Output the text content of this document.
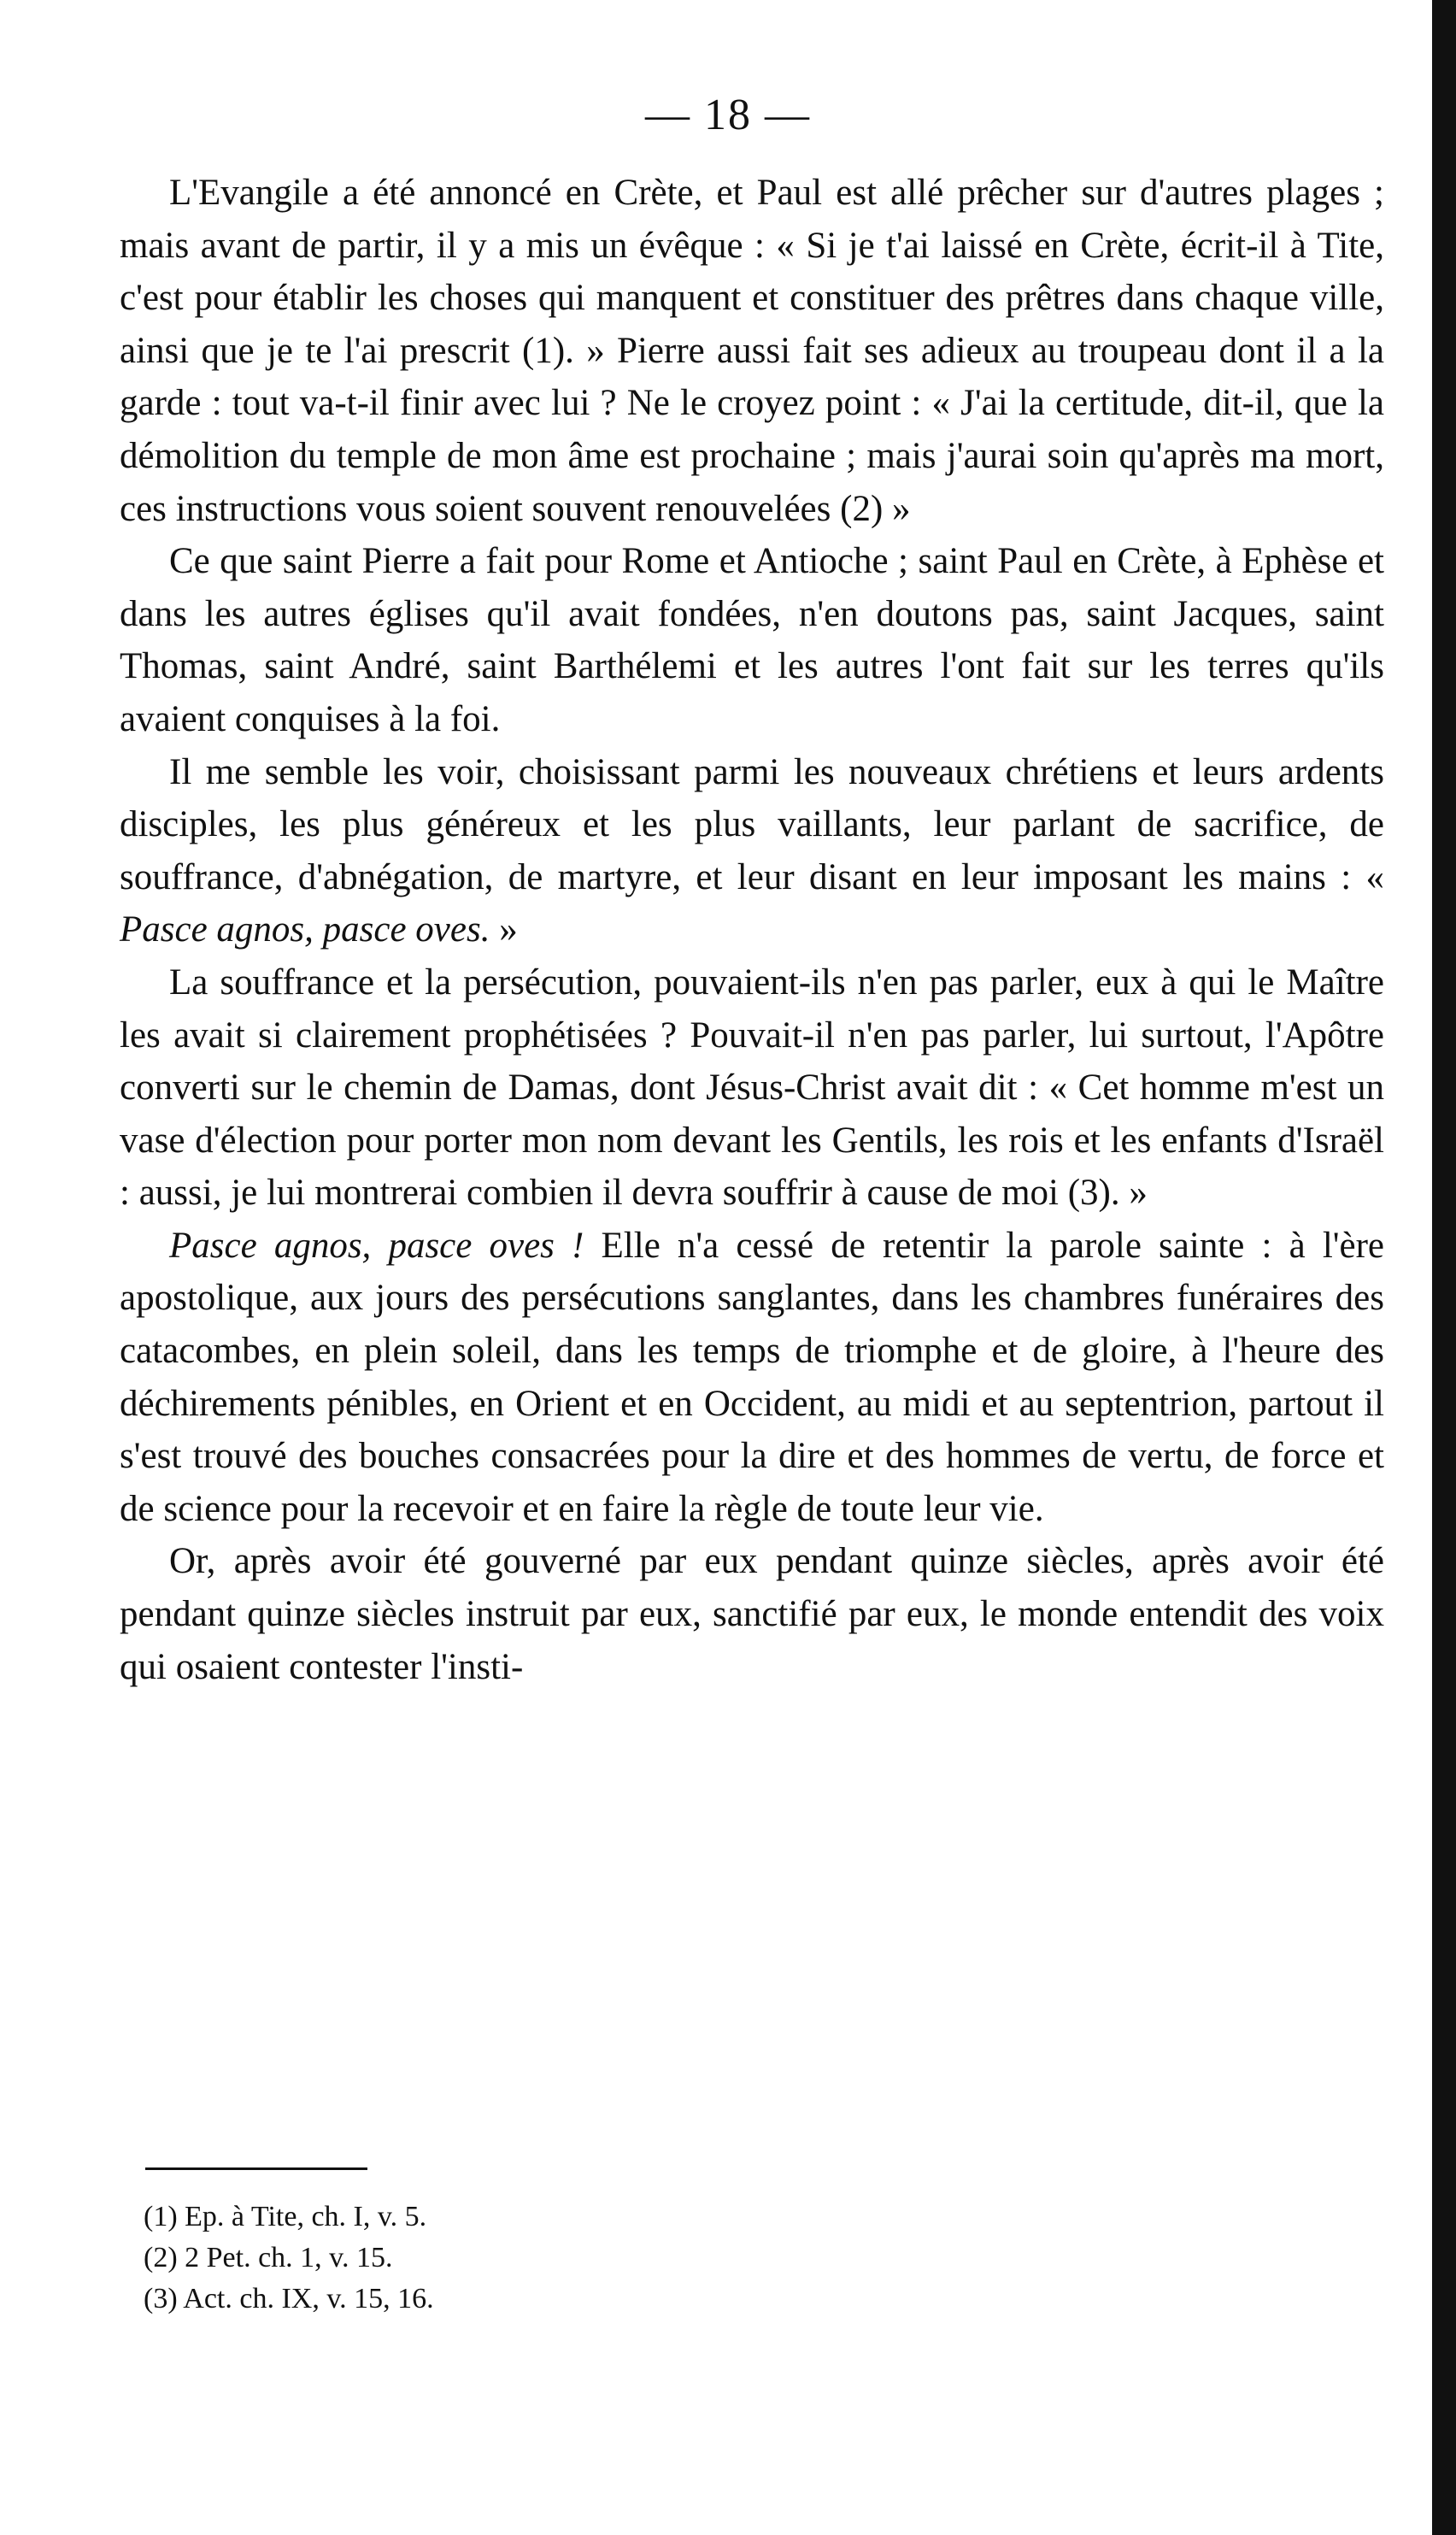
— 18 —

L'Evangile a été annoncé en Crète, et Paul est allé prêcher sur d'autres plages ; mais avant de partir, il y a mis un évêque : « Si je t'ai laissé en Crète, écrit-il à Tite, c'est pour établir les choses qui manquent et constituer des prêtres dans chaque ville, ainsi que je te l'ai prescrit (1). » Pierre aussi fait ses adieux au troupeau dont il a la garde : tout va-t-il finir avec lui ? Ne le croyez point : « J'ai la certitude, dit-il, que la démolition du temple de mon âme est prochaine ; mais j'aurai soin qu'après ma mort, ces instructions vous soient souvent renouvelées (2) »

Ce que saint Pierre a fait pour Rome et Antioche ; saint Paul en Crète, à Ephèse et dans les autres églises qu'il avait fondées, n'en doutons pas, saint Jacques, saint Thomas, saint André, saint Barthélemi et les autres l'ont fait sur les terres qu'ils avaient conquises à la foi.

Il me semble les voir, choisissant parmi les nouveaux chrétiens et leurs ardents disciples, les plus généreux et les plus vaillants, leur parlant de sacrifice, de souffrance, d'abnégation, de martyre, et leur disant en leur imposant les mains : « Pasce agnos, pasce oves. »

La souffrance et la persécution, pouvaient-ils n'en pas parler, eux à qui le Maître les avait si clairement prophétisées ? Pouvait-il n'en pas parler, lui surtout, l'Apôtre converti sur le chemin de Damas, dont Jésus-Christ avait dit : « Cet homme m'est un vase d'élection pour porter mon nom devant les Gentils, les rois et les enfants d'Israël : aussi, je lui montrerai combien il devra souffrir à cause de moi (3). »

Pasce agnos, pasce oves ! Elle n'a cessé de retentir la parole sainte : à l'ère apostolique, aux jours des persécutions sanglantes, dans les chambres funéraires des catacombes, en plein soleil, dans les temps de triomphe et de gloire, à l'heure des déchirements pénibles, en Orient et en Occident, au midi et au septentrion, partout il s'est trouvé des bouches consacrées pour la dire et des hommes de vertu, de force et de science pour la recevoir et en faire la règle de toute leur vie.

Or, après avoir été gouverné par eux pendant quinze siècles, après avoir été pendant quinze siècles instruit par eux, sanctifié par eux, le monde entendit des voix qui osaient contester l'insti-

(1) Ep. à Tite, ch. I, v. 5.
(2) 2 Pet. ch. 1, v. 15.
(3) Act. ch. IX, v. 15, 16.
